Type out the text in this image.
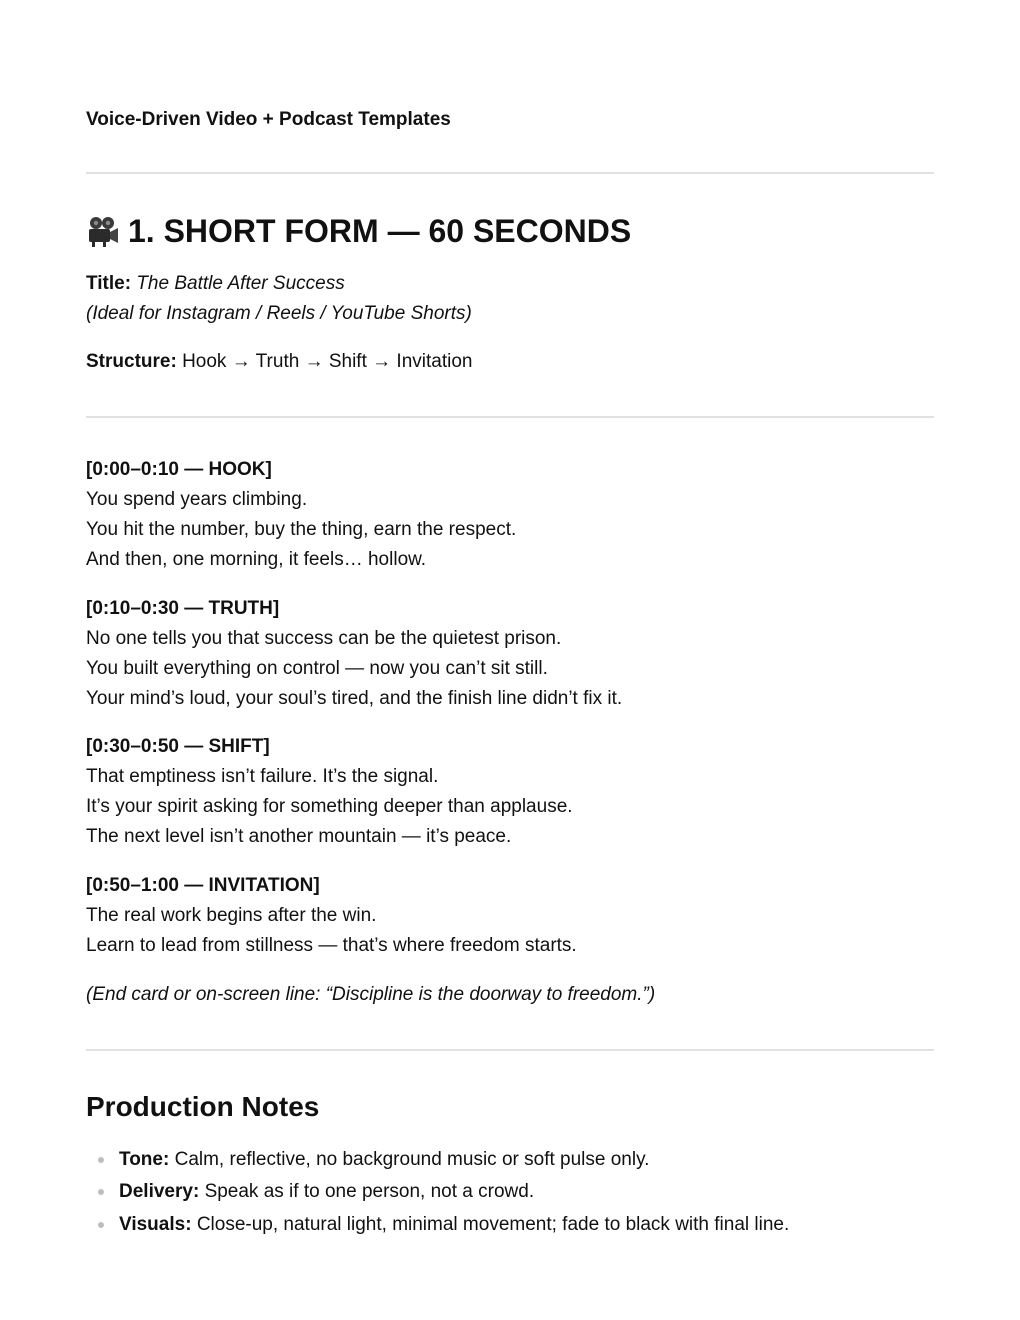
Voice-Driven Video + Podcast Templates
1. SHORT FORM — 60 SECONDS
Title: The Battle After Success
(Ideal for Instagram / Reels / YouTube Shorts)
Structure: Hook → Truth → Shift → Invitation
[0:00–0:10 — HOOK]
You spend years climbing.
You hit the number, buy the thing, earn the respect.
And then, one morning, it feels… hollow.
[0:10–0:30 — TRUTH]
No one tells you that success can be the quietest prison.
You built everything on control — now you can’t sit still.
Your mind’s loud, your soul’s tired, and the finish line didn’t fix it.
[0:30–0:50 — SHIFT]
That emptiness isn’t failure. It’s the signal.
It’s your spirit asking for something deeper than applause.
The next level isn’t another mountain — it’s peace.
[0:50–1:00 — INVITATION]
The real work begins after the win.
Learn to lead from stillness — that’s where freedom starts.
(End card or on-screen line: “Discipline is the doorway to freedom.”)
Production Notes
Tone: Calm, reflective, no background music or soft pulse only.
Delivery: Speak as if to one person, not a crowd.
Visuals: Close-up, natural light, minimal movement; fade to black with final line.
